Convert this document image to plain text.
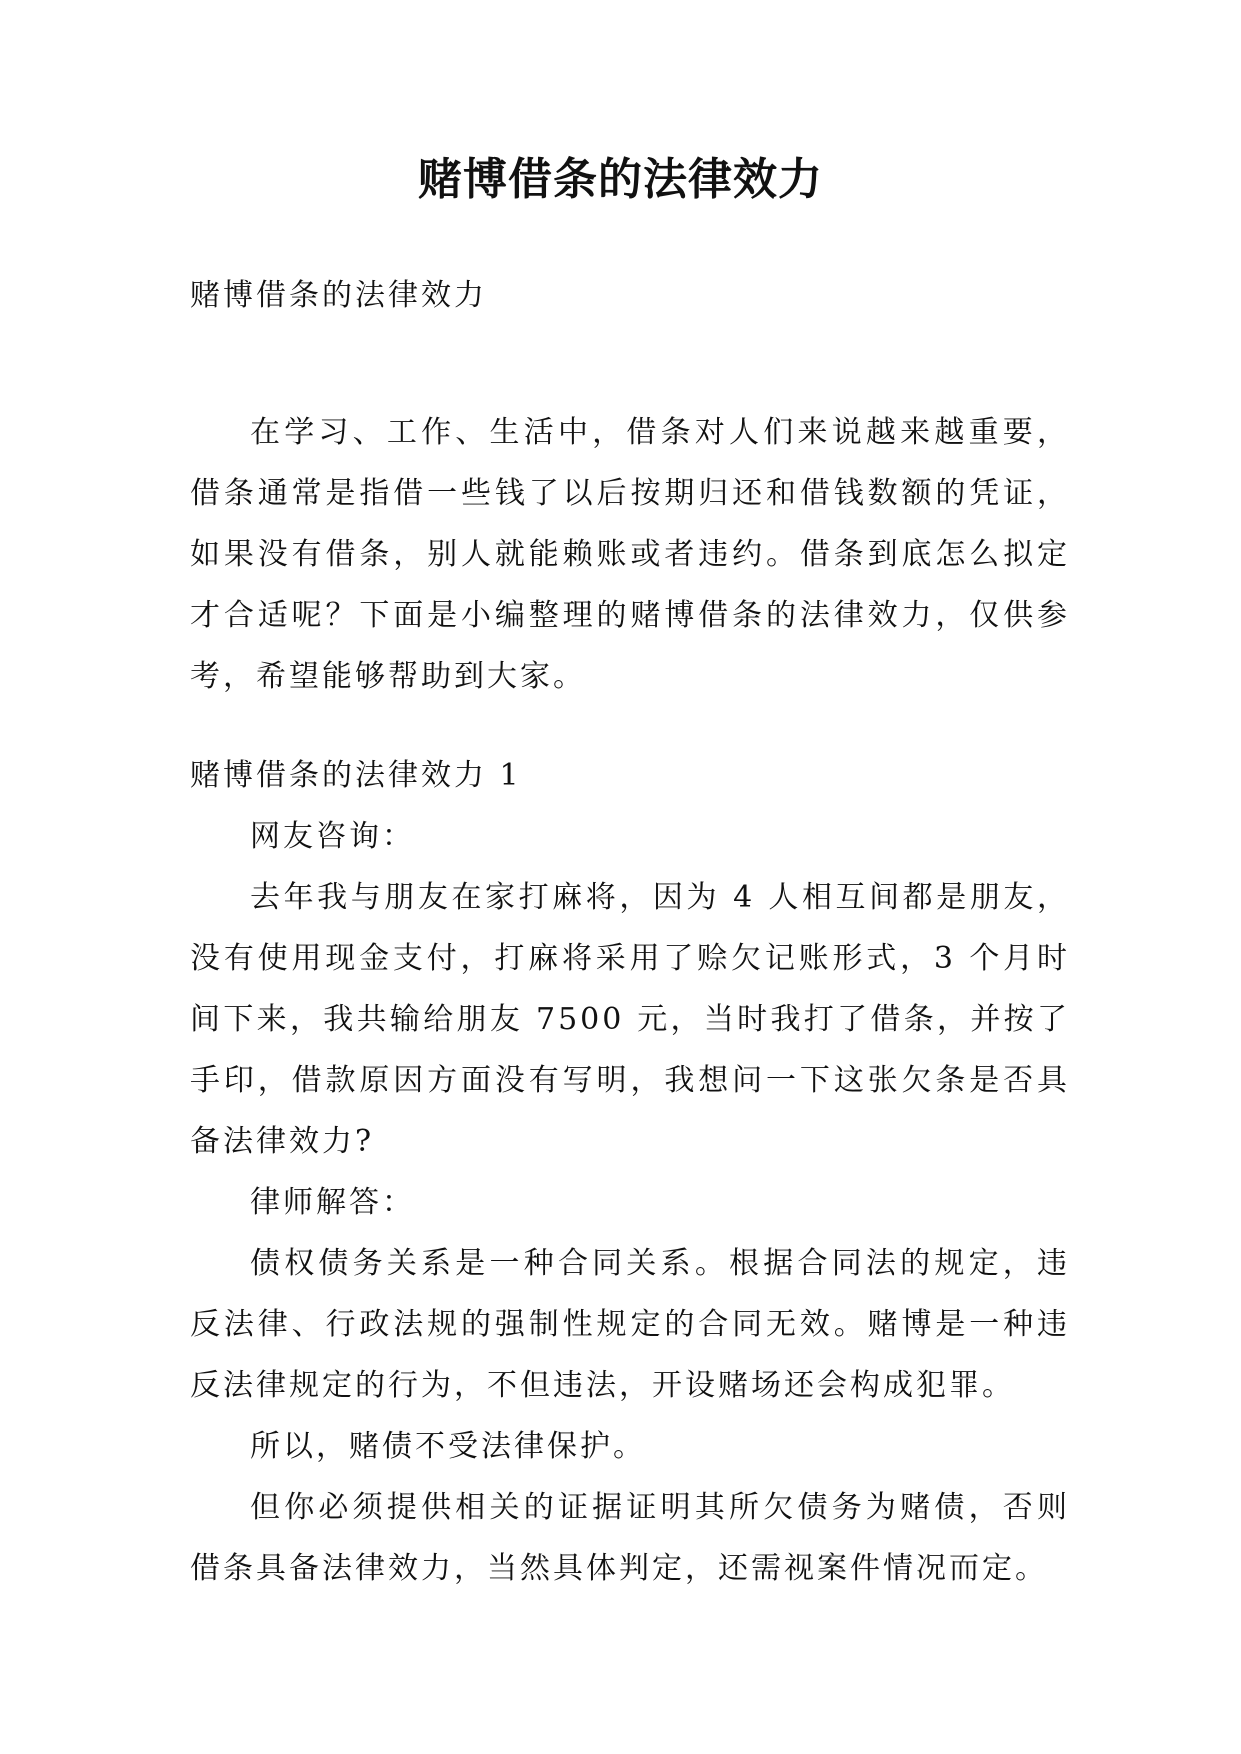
赌博借条的法律效力

赌博借条的法律效力

在学习、工作、生活中，借条对人们来说越来越重要，借条通常是指借一些钱了以后按期归还和借钱数额的凭证，如果没有借条，别人就能赖账或者违约。借条到底怎么拟定才合适呢？下面是小编整理的赌博借条的法律效力，仅供参考，希望能够帮助到大家。

赌博借条的法律效力 1

网友咨询：

去年我与朋友在家打麻将，因为 4 人相互间都是朋友，没有使用现金支付，打麻将采用了赊欠记账形式，3 个月时间下来，我共输给朋友 7500 元，当时我打了借条，并按了手印，借款原因方面没有写明，我想问一下这张欠条是否具备法律效力?

律师解答：

债权债务关系是一种合同关系。根据合同法的规定，违反法律、行政法规的强制性规定的合同无效。赌博是一种违反法律规定的行为，不但违法，开设赌场还会构成犯罪。

所以，赌债不受法律保护。

但你必须提供相关的证据证明其所欠债务为赌债，否则借条具备法律效力，当然具体判定，还需视案件情况而定。
